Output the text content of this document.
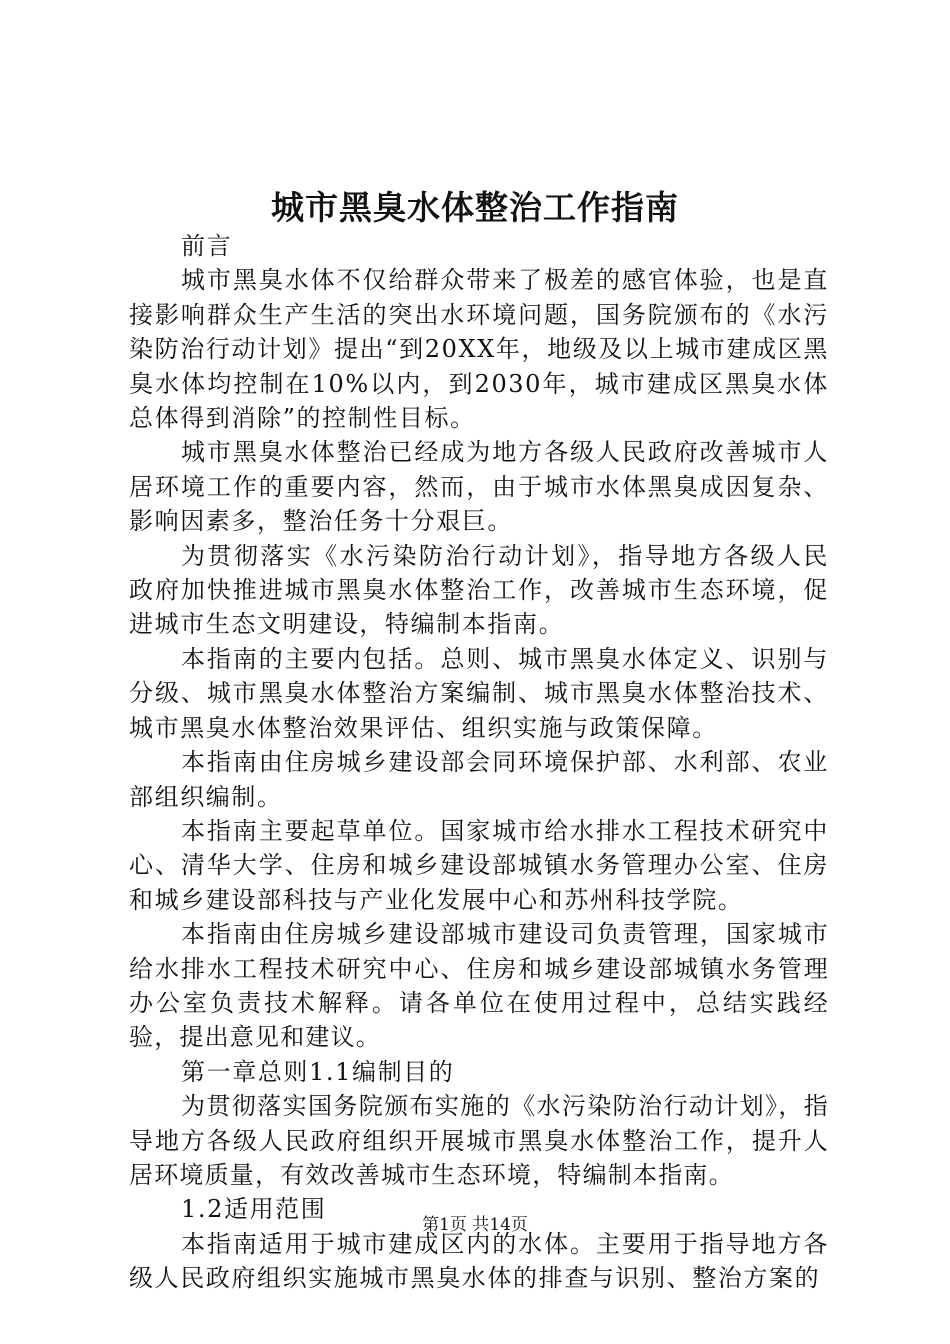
城市黑臭水体整治工作指南

前言

城市黑臭水体不仅给群众带来了极差的感官体验，也是直接影响群众生产生活的突出水环境问题，国务院颁布的《水污染防治行动计划》提出“到20XX年，地级及以上城市建成区黑臭水体均控制在10%以内，到2030年，城市建成区黑臭水体总体得到消除”的控制性目标。

城市黑臭水体整治已经成为地方各级人民政府改善城市人居环境工作的重要内容，然而，由于城市水体黑臭成因复杂、影响因素多，整治任务十分艰巨。

为贯彻落实《水污染防治行动计划》，指导地方各级人民政府加快推进城市黑臭水体整治工作，改善城市生态环境，促进城市生态文明建设，特编制本指南。

本指南的主要内包括。总则、城市黑臭水体定义、识别与分级、城市黑臭水体整治方案编制、城市黑臭水体整治技术、城市黑臭水体整治效果评估、组织实施与政策保障。

本指南由住房城乡建设部会同环境保护部、水利部、农业部组织编制。

本指南主要起草单位。国家城市给水排水工程技术研究中心、清华大学、住房和城乡建设部城镇水务管理办公室、住房和城乡建设部科技与产业化发展中心和苏州科技学院。

本指南由住房城乡建设部城市建设司负责管理，国家城市给水排水工程技术研究中心、住房和城乡建设部城镇水务管理办公室负责技术解释。请各单位在使用过程中，总结实践经验，提出意见和建议。

第一章总则1.1编制目的

为贯彻落实国务院颁布实施的《水污染防治行动计划》，指导地方各级人民政府组织开展城市黑臭水体整治工作，提升人居环境质量，有效改善城市生态环境，特编制本指南。

1.2适用范围

本指南适用于城市建成区内的水体。主要用于指导地方各级人民政府组织实施城市黑臭水体的排查与识别、整治方案的

第1页 共14页
